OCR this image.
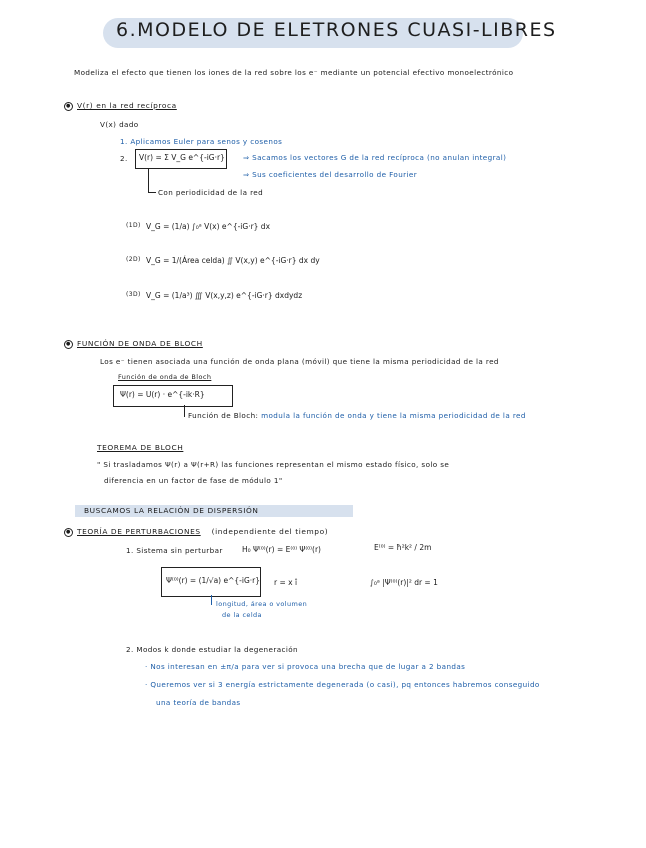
6.MODELO DE ELETRONES CUASI-LIBRES
Modeliza el efecto que tienen los iones de la red sobre los e⁻ mediante un potencial efectivo monoelectrónico
● V(r) en la red recíproca
V(x) dado
1. Aplicamos Euler para senos y cosenos
2. V(r) = Σ V_G e^{-iG·r}	⇒ Sacamos los vectores G de la red recíproca (no anulan integral)
⇒ Sus coeficientes del desarrollo de Fourier
Con periodicidad de la red
(1D) V_G = (1/a) ∫₀ᵃ V(x) e^{-iG·r} dx
(2D) V_G = 1/(Área celda) ∬ V(x,y) e^{-iG·r} dx dy
(3D) V_G = (1/a³) ∭ V(x,y,z) e^{-iG·r} dxdydz
● FUNCIÓN DE ONDA DE BLOCH
Los e⁻ tienen asociada una función de onda plana (móvil) que tiene la misma periodicidad de la red
Función de onda de Bloch
Ψ(r) = U(r) · e^{-ik·R}
Función de Bloch: modula la función de onda y tiene la misma periodicidad de la red
TEOREMA DE BLOCH
" Si trasladamos Ψ(r) a Ψ(r+R) las funciones representan el mismo estado físico, solo se
diferencia en un factor de fase de módulo 1"
BUSCAMOS LA RELACIÓN DE DISPERSIÓN
● TEORÍA DE PERTURBACIONES (independiente del tiempo)
1. Sistema sin perturbar	H₀ Ψ⁽⁰⁾(r) = E⁽⁰⁾ Ψ⁽⁰⁾(r)	E⁽⁰⁾ = ħ²k² / 2m
Ψ⁽⁰⁾(r) = (1/√a) e^{-iG·r} r = x î	∫₀ᵃ |Ψ⁽⁰⁾(r)|² dr = 1
longitud, área o volumen
de la celda
2. Modos k donde estudiar la degeneración
· Nos interesan en ±π/a para ver si provoca una brecha que de lugar a 2 bandas
· Queremos ver si 3 energía estrictamente degenerada (o casi), pq entonces habremos conseguido
una teoría de bandas
